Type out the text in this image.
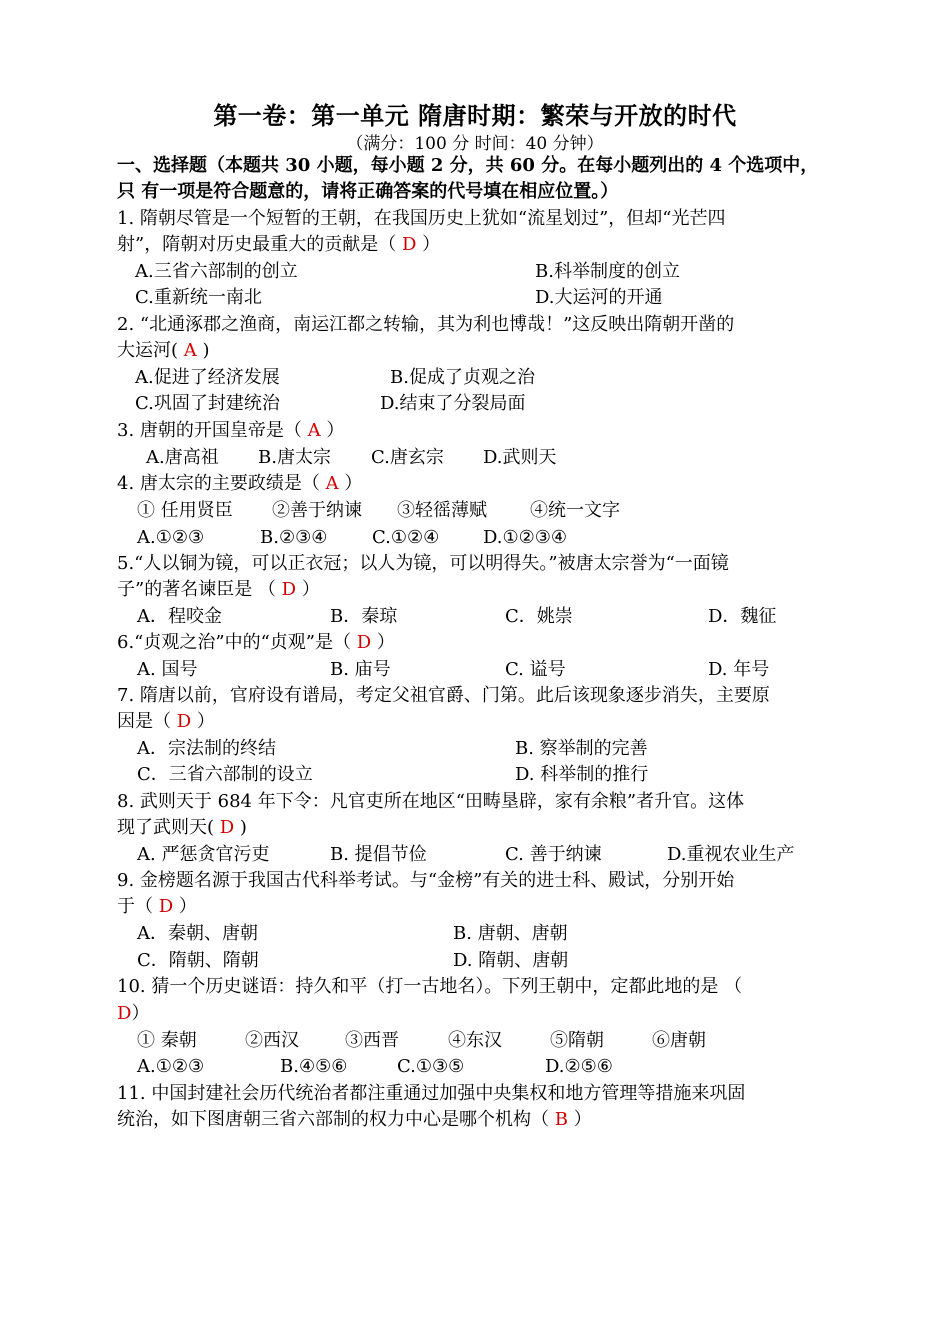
第一卷：第一单元 隋唐时期：繁荣与开放的时代
（满分：100 分 时间：40 分钟）
一、选择题（本题共 30 小题，每小题 2 分，共 60 分。在每小题列出的 4 个选项中，
只 有一项是符合题意的，请将正确答案的代号填在相应位置。）
1. 隋朝尽管是一个短暂的王朝，在我国历史上犹如“流星划过”，但却“光芒四
射”，隋朝对历史最重大的贡献是（ D ）
A.三省六部制的创立	B.科举制度的创立
C.重新统一南北	D.大运河的开通
2. “北通涿郡之渔商，南运江都之转输，其为利也博哉！”这反映出隋朝开凿的
大运河( A )
A.促进了经济发展	B.促成了贞观之治
C.巩固了封建统治	D.结束了分裂局面
3. 唐朝的开国皇帝是（ A ）
A.唐高祖 B.唐太宗 C.唐玄宗 D.武则天
4. 唐太宗的主要政绩是（ A ）
① 任用贤臣 ②善于纳谏 ③轻徭薄赋 ④统一文字
A.①②③	B.②③④ C.①②④ D.①②③④
5.“人以铜为镜，可以正衣冠；以人为镜，可以明得失。”被唐太宗誉为“一面镜
子”的著名谏臣是 （ D ）
A．程咬金	B．秦琼	C．姚崇	D．魏征
6.“贞观之治”中的“贞观”是（ D ）
A. 国号	B. 庙号	C. 谥号	D. 年号
7. 隋唐以前，官府设有谱局，考定父祖官爵、门第。此后该现象逐步消失，主要原
因是（ D ）
A．宗法制的终结	B. 察举制的完善
C．三省六部制的设立	D. 科举制的推行
8. 武则天于 684 年下令：凡官吏所在地区“田畴垦辟，家有余粮”者升官。这体
现了武则天( D )
A. 严惩贪官污吏	B. 提倡节俭	C. 善于纳谏	D.重视农业生产
9. 金榜题名源于我国古代科举考试。与“金榜”有关的进士科、殿试，分别开始
于（ D ）
A．秦朝、唐朝	B. 唐朝、唐朝
C．隋朝、隋朝	D. 隋朝、唐朝
10. 猜一个历史谜语：持久和平（打一古地名）。下列王朝中，定都此地的是 （
D）
① 秦朝	②西汉	③西晋	④东汉	⑤隋朝	⑥唐朝
A.①②③	B.④⑤⑥	C.①③⑤	D.②⑤⑥
11. 中国封建社会历代统治者都注重通过加强中央集权和地方管理等措施来巩固
统治，如下图唐朝三省六部制的权力中心是哪个机构（ B ）
